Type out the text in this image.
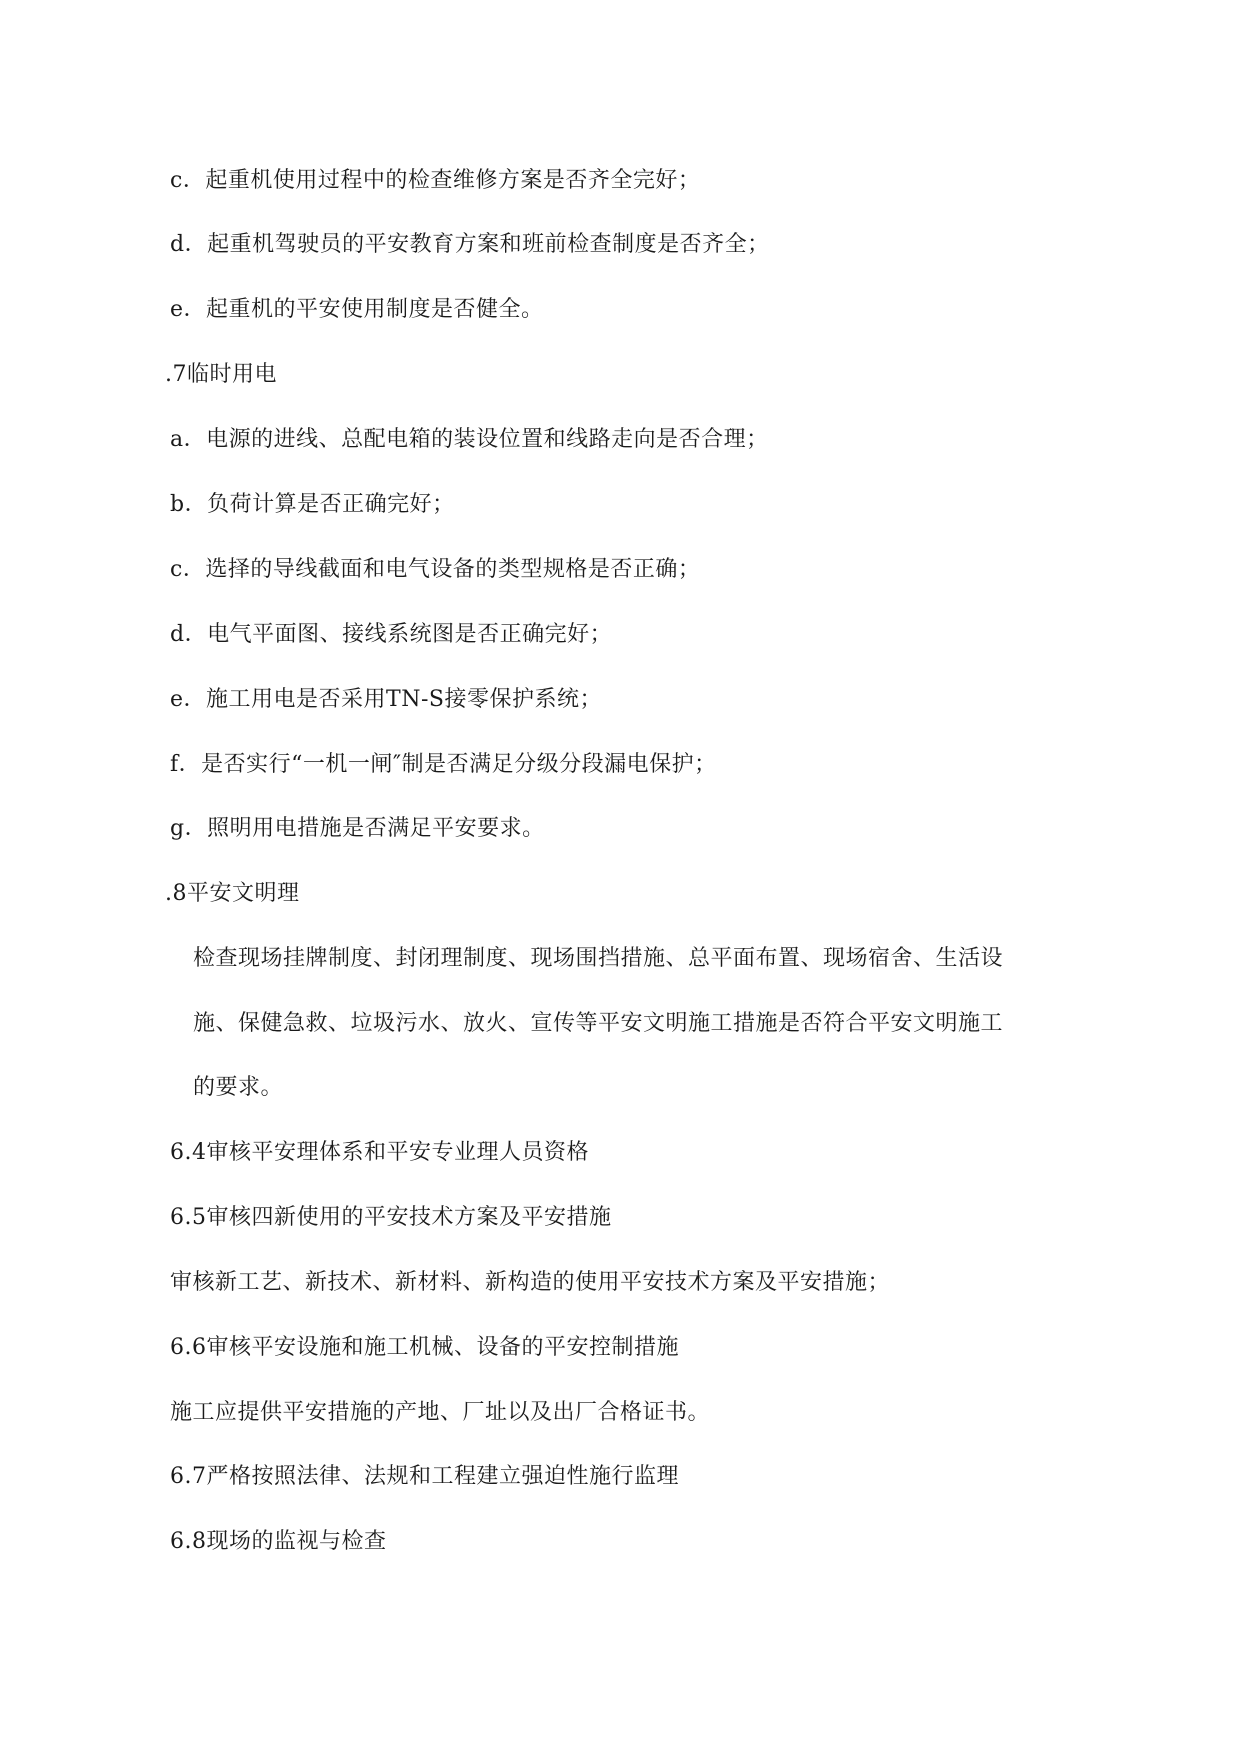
c．起重机使用过程中的检查维修方案是否齐全完好；
d．起重机驾驶员的平安教育方案和班前检查制度是否齐全；
e．起重机的平安使用制度是否健全。
.7临时用电
a．电源的进线、总配电箱的装设位置和线路走向是否合理；
b．负荷计算是否正确完好；
c．选择的导线截面和电气设备的类型规格是否正确；
d．电气平面图、接线系统图是否正确完好；
e．施工用电是否采用TN-S接零保护系统；
f．是否实行“一机一闸″制是否满足分级分段漏电保护；
g．照明用电措施是否满足平安要求。
.8平安文明理
检查现场挂牌制度、封闭理制度、现场围挡措施、总平面布置、现场宿舍、生活设
施、保健急救、垃圾污水、放火、宣传等平安文明施工措施是否符合平安文明施工
的要求。
6.4审核平安理体系和平安专业理人员资格
6.5审核四新使用的平安技术方案及平安措施
审核新工艺、新技术、新材料、新构造的使用平安技术方案及平安措施；
6.6审核平安设施和施工机械、设备的平安控制措施
施工应提供平安措施的产地、厂址以及出厂合格证书。
6.7严格按照法律、法规和工程建立强迫性施行监理
6.8现场的监视与检查
